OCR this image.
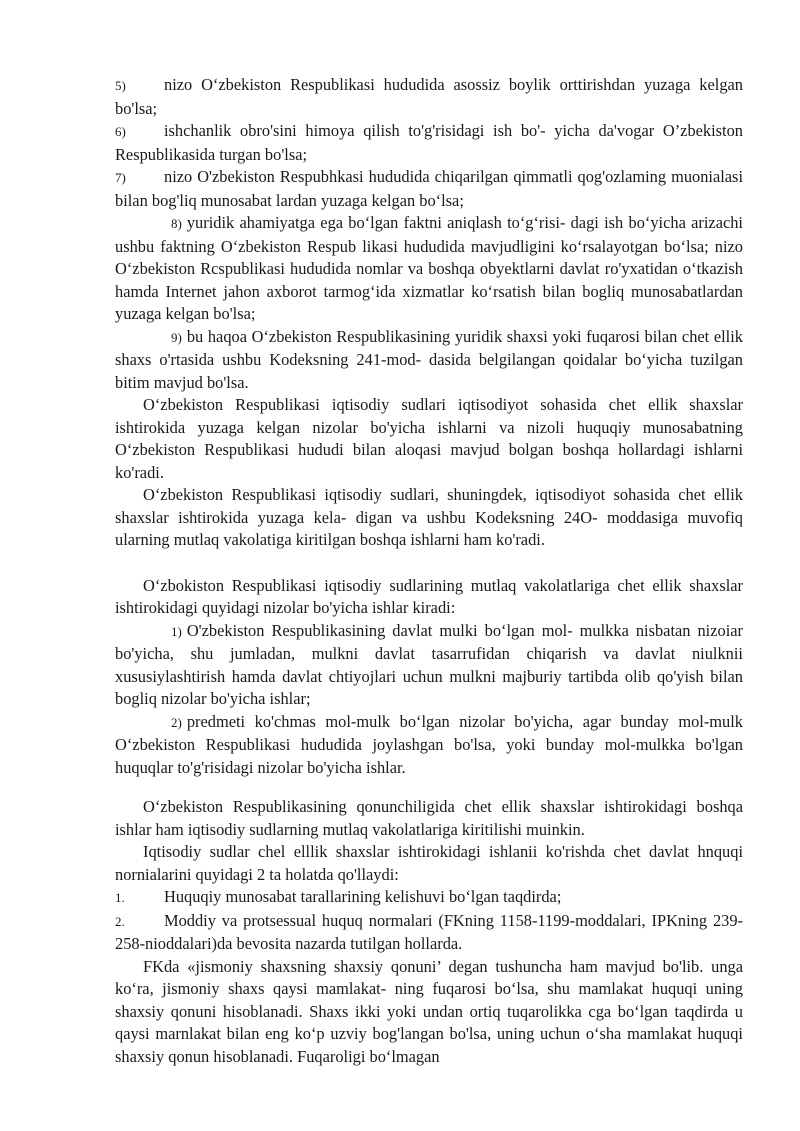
5) nizo O‘zbekiston Respublikasi hududida asossiz boylik orttirishdan yuzaga kelgan bo'lsa;

6) ishchanlik obro'sini himoya qilish to'g'risidagi ish bo'- yicha da'vogar O’zbekiston Respublikasida turgan bo'lsa;

7) nizo O'zbekiston Respubhkasi hududida chiqarilgan qimmatli qog'ozlaming muonialasi bilan bog'liq munosabat lardan yuzaga kelgan bo‘lsa;

8) yuridik ahamiyatga ega bo‘lgan faktni aniqlash to‘g‘risi- dagi ish bo‘yicha arizachi ushbu faktning O‘zbekiston Respub likasi hududida mavjudligini ko‘rsalayotgan bo‘lsa; nizo O‘zbekiston Rcspublikasi hududida nomlar va boshqa obyektlarni davlat ro'yxatidan o‘tkazish hamda Internet jahon axborot tarmog‘ida xizmatlar ko‘rsatish bilan bogliq munosabatlardan yuzaga kelgan bo'lsa;

9) bu haqoa O‘zbekiston Respublikasining yuridik shaxsi yoki fuqarosi bilan chet ellik shaxs o'rtasida ushbu Kodeksning 241-mod- dasida belgilangan qoidalar bo‘yicha tuzilgan bitim mavjud bo'lsa.

O‘zbekiston Respublikasi iqtisodiy sudlari iqtisodiyot sohasida chet ellik shaxslar ishtirokida yuzaga kelgan nizolar bo'yicha ishlarni va nizoli huquqiy munosabatning O‘zbekiston Respublikasi hududi bilan aloqasi mavjud bolgan boshqa hollardagi ishlarni ko'radi.

O‘zbekiston Respublikasi iqtisodiy sudlari, shuningdek, iqtisodiyot sohasida chet ellik shaxslar ishtirokida yuzaga kela- digan va ushbu Kodeksning 24O- moddasiga muvofiq ularning mutlaq vakolatiga kiritilgan boshqa ishlarni ham ko'radi.

O‘zbokiston Respublikasi iqtisodiy sudlarining mutlaq vakolatlariga chet ellik shaxslar ishtirokidagi quyidagi nizolar bo'yicha ishlar kiradi:

1) O'zbekiston Respublikasining davlat mulki bo‘lgan mol- mulkka nisbatan nizoiar bo'yicha, shu jumladan, mulkni davlat tasarrufidan chiqarish va davlat niulknii xususiylashtirish hamda davlat chtiyojlari uchun mulkni majburiy tartibda olib qo'yish bilan bogliq nizolar bo'yicha ishlar;

2) predmeti ko'chmas mol-mulk bo‘lgan nizolar bo'yicha, agar bunday mol-mulk O‘zbekiston Respublikasi hududida joylashgan bo'lsa, yoki bunday mol-mulkka bo'lgan huquqlar to'g'risidagi nizolar bo'yicha ishlar.

O‘zbekiston Respublikasining qonunchiligida chet ellik shaxslar ishtirokidagi boshqa ishlar ham iqtisodiy sudlarning mutlaq vakolatlariga kiritilishi muinkin.

Iqtisodiy sudlar chel elllik shaxslar ishtirokidagi ishlanii ko'rishda chet davlat hnquqi nornialarini quyidagi 2 ta holatda qo'llaydi:

1. Huquqiy munosabat tarallarining kelishuvi bo‘lgan taqdirda;

2. Moddiy va protsessual huquq normalari (FKning 1158-1199-moddalari, IPKning 239-258-nioddalari)da bevosita nazarda tutilgan hollarda.

FKda «jismoniy shaxsning shaxsiy qonuni’ degan tushuncha ham mavjud bo'lib. unga ko‘ra, jismoniy shaxs qaysi mamlakat- ning fuqarosi bo‘lsa, shu mamlakat huquqi uning shaxsiy qonuni hisoblanadi. Shaxs ikki yoki undan ortiq tuqarolikka cga bo‘lgan taqdirda u qaysi marnlakat bilan eng ko‘p uzviy bog'langan bo'lsa, uning uchun o‘sha mamlakat huquqi shaxsiy qonun hisoblanadi. Fuqaroligi bo‘lmagan
